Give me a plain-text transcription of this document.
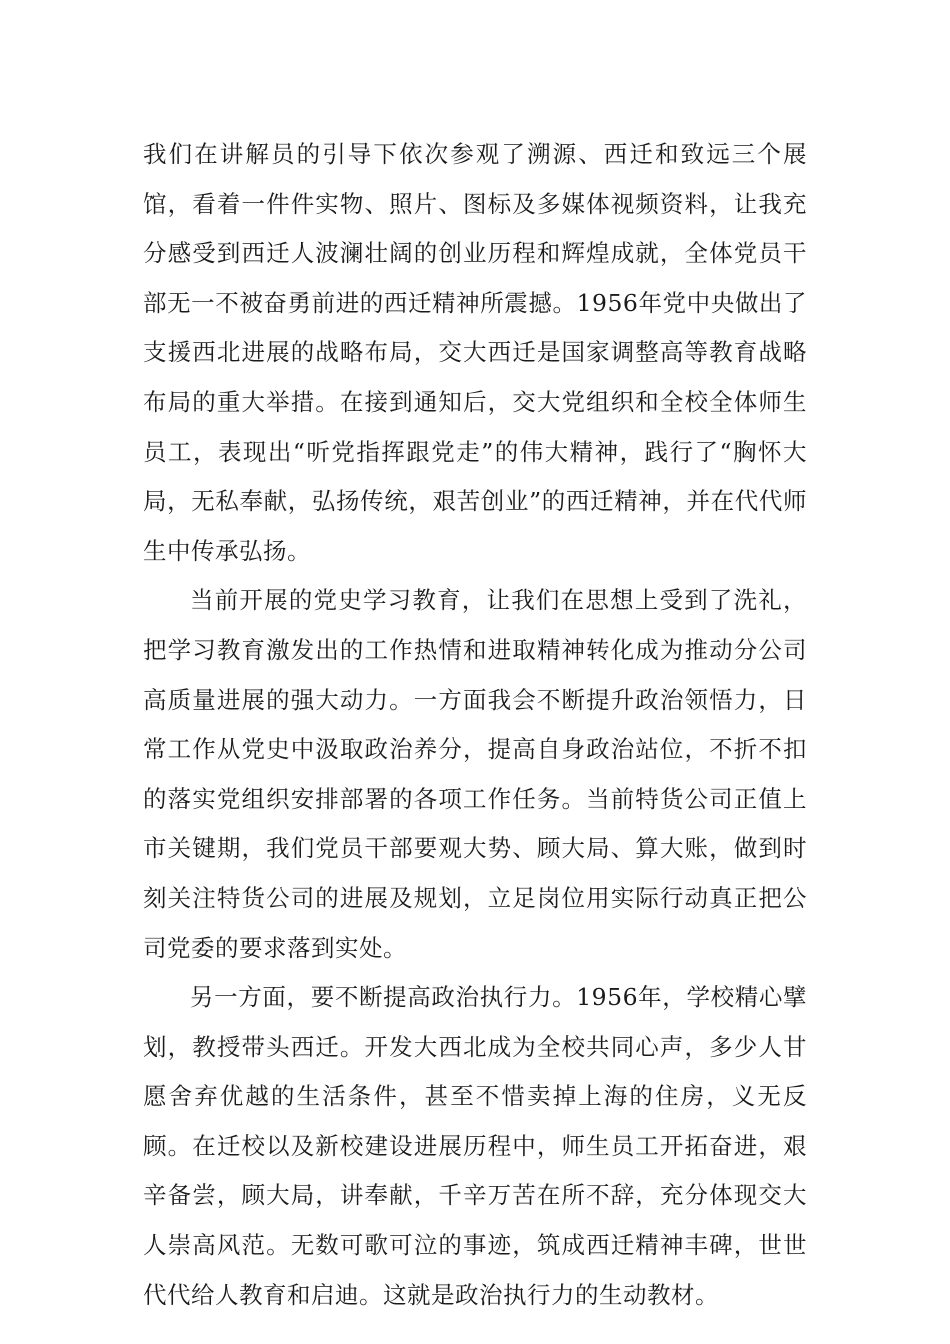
我们在讲解员的引导下依次参观了溯源、西迁和致远三个展馆，看着一件件实物、照片、图标及多媒体视频资料，让我充分感受到西迁人波澜壮阔的创业历程和辉煌成就，全体党员干部无一不被奋勇前进的西迁精神所震撼。1956年党中央做出了支援西北进展的战略布局，交大西迁是国家调整高等教育战略布局的重大举措。在接到通知后，交大党组织和全校全体师生员工，表现出“听党指挥跟党走”的伟大精神，践行了“胸怀大局，无私奉献，弘扬传统，艰苦创业”的西迁精神，并在代代师生中传承弘扬。

当前开展的党史学习教育，让我们在思想上受到了洗礼，把学习教育激发出的工作热情和进取精神转化成为推动分公司高质量进展的强大动力。一方面我会不断提升政治领悟力，日常工作从党史中汲取政治养分，提高自身政治站位，不折不扣的落实党组织安排部署的各项工作任务。当前特货公司正值上市关键期，我们党员干部要观大势、顾大局、算大账，做到时刻关注特货公司的进展及规划，立足岗位用实际行动真正把公司党委的要求落到实处。

另一方面，要不断提高政治执行力。1956年，学校精心擘划，教授带头西迁。开发大西北成为全校共同心声，多少人甘愿舍弃优越的生活条件，甚至不惜卖掉上海的住房，义无反顾。在迁校以及新校建设进展历程中，师生员工开拓奋进，艰辛备尝，顾大局，讲奉献，千辛万苦在所不辞，充分体现交大人崇高风范。无数可歌可泣的事迹，筑成西迁精神丰碑，世世代代给人教育和启迪。这就是政治执行力的生动教材。
